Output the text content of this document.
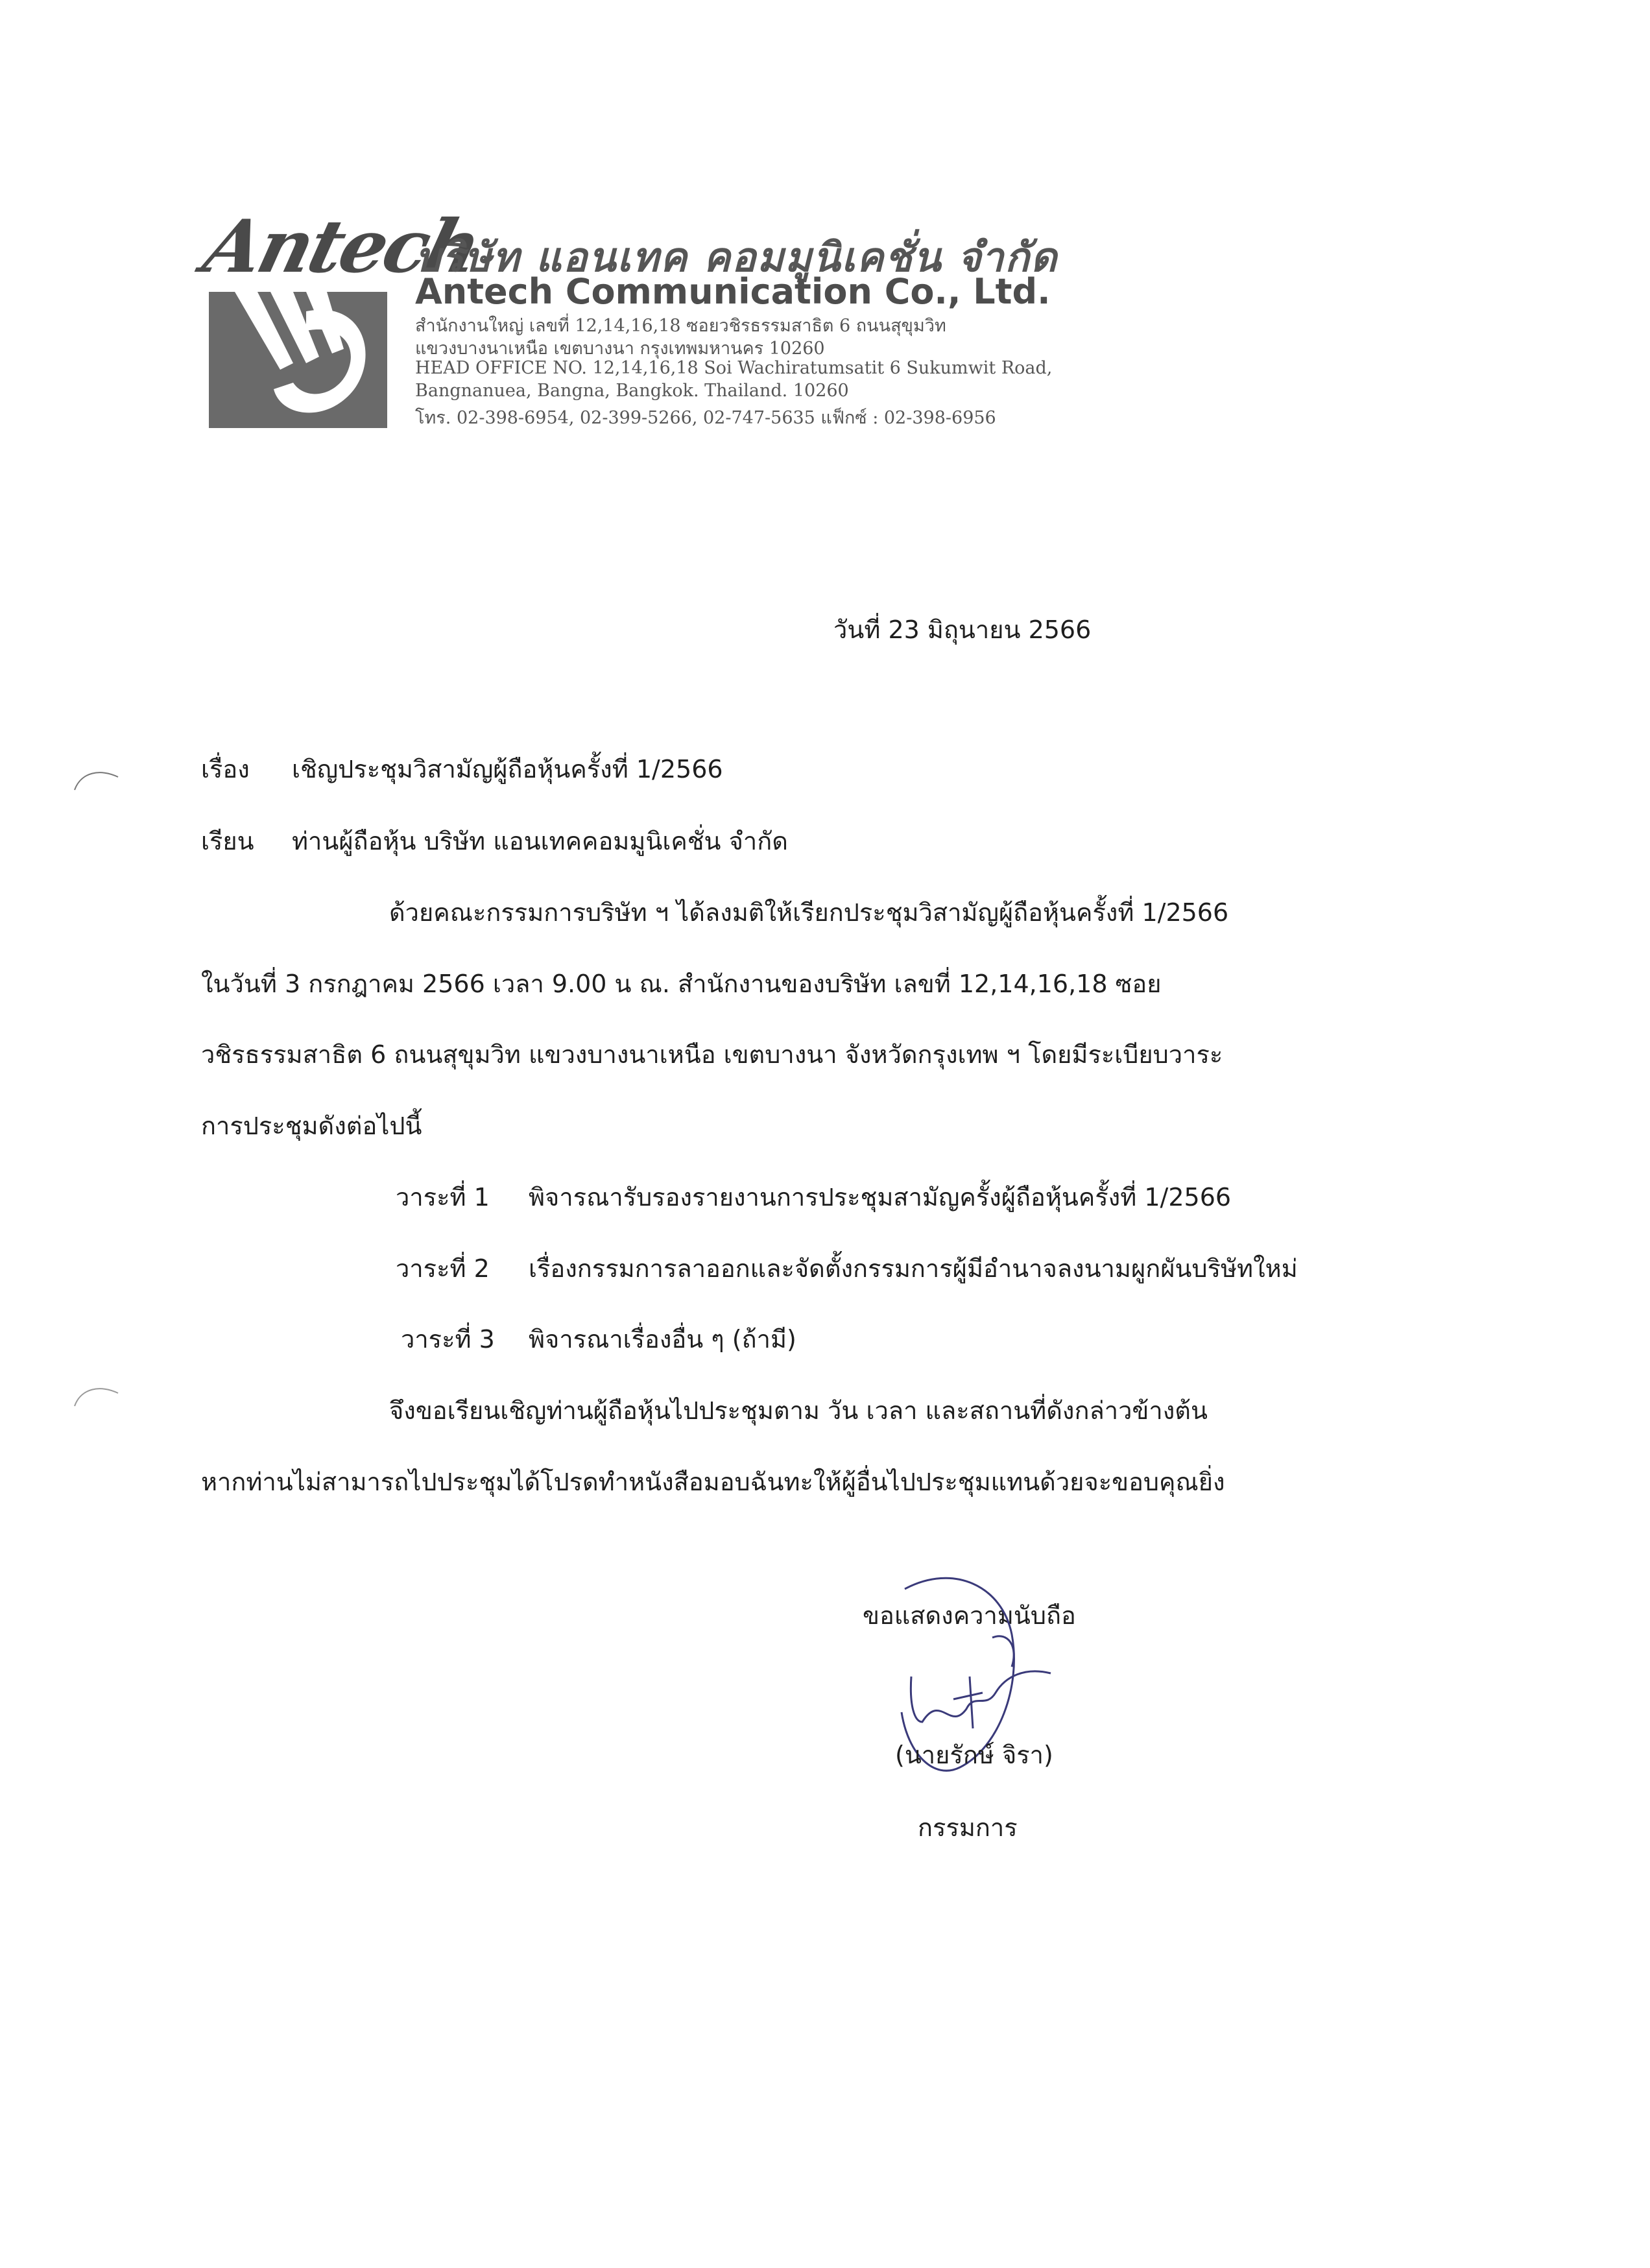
Antech
บริษัท แอนเทค คอมมูนิเคชั่น จำกัด
Antech Communication Co., Ltd.
สำนักงานใหญ่ เลขที่ 12,14,16,18 ซอยวชิรธรรมสาธิต 6 ถนนสุขุมวิท
แขวงบางนาเหนือ เขตบางนา กรุงเทพมหานคร 10260
HEAD OFFICE NO. 12,14,16,18 Soi Wachiratumsatit 6 Sukumwit Road,
Bangnanuea, Bangna, Bangkok. Thailand. 10260
โทร. 02-398-6954, 02-399-5266, 02-747-5635 แฟ็กซ์ : 02-398-6956
วันที่ 23 มิถุนายน 2566
เรื่อง เชิญประชุมวิสามัญผู้ถือหุ้นครั้งที่ 1/2566
เรียน ท่านผู้ถือหุ้น บริษัท แอนเทคคอมมูนิเคชั่น จำกัด
ด้วยคณะกรรมการบริษัท ฯ ได้ลงมติให้เรียกประชุมวิสามัญผู้ถือหุ้นครั้งที่ 1/2566
ในวันที่ 3 กรกฎาคม 2566 เวลา 9.00 น ณ. สำนักงานของบริษัท เลขที่ 12,14,16,18 ซอย
วชิรธรรมสาธิต 6 ถนนสุขุมวิท แขวงบางนาเหนือ เขตบางนา จังหวัดกรุงเทพ ฯ โดยมีระเบียบวาระ
การประชุมดังต่อไปนี้
วาระที่ 1 พิจารณารับรองรายงานการประชุมสามัญครั้งผู้ถือหุ้นครั้งที่ 1/2566
วาระที่ 2 เรื่องกรรมการลาออกและจัดตั้งกรรมการผู้มีอำนาจลงนามผูกผันบริษัทใหม่
วาระที่ 3 พิจารณาเรื่องอื่น ๆ (ถ้ามี)
จึงขอเรียนเชิญท่านผู้ถือหุ้นไปประชุมตาม วัน เวลา และสถานที่ดังกล่าวข้างต้น
หากท่านไม่สามารถไปประชุมได้โปรดทำหนังสือมอบฉันทะให้ผู้อื่นไปประชุมแทนด้วยจะขอบคุณยิ่ง
ขอแสดงความนับถือ
(นายรักษ์ จิรา)
กรรมการ
